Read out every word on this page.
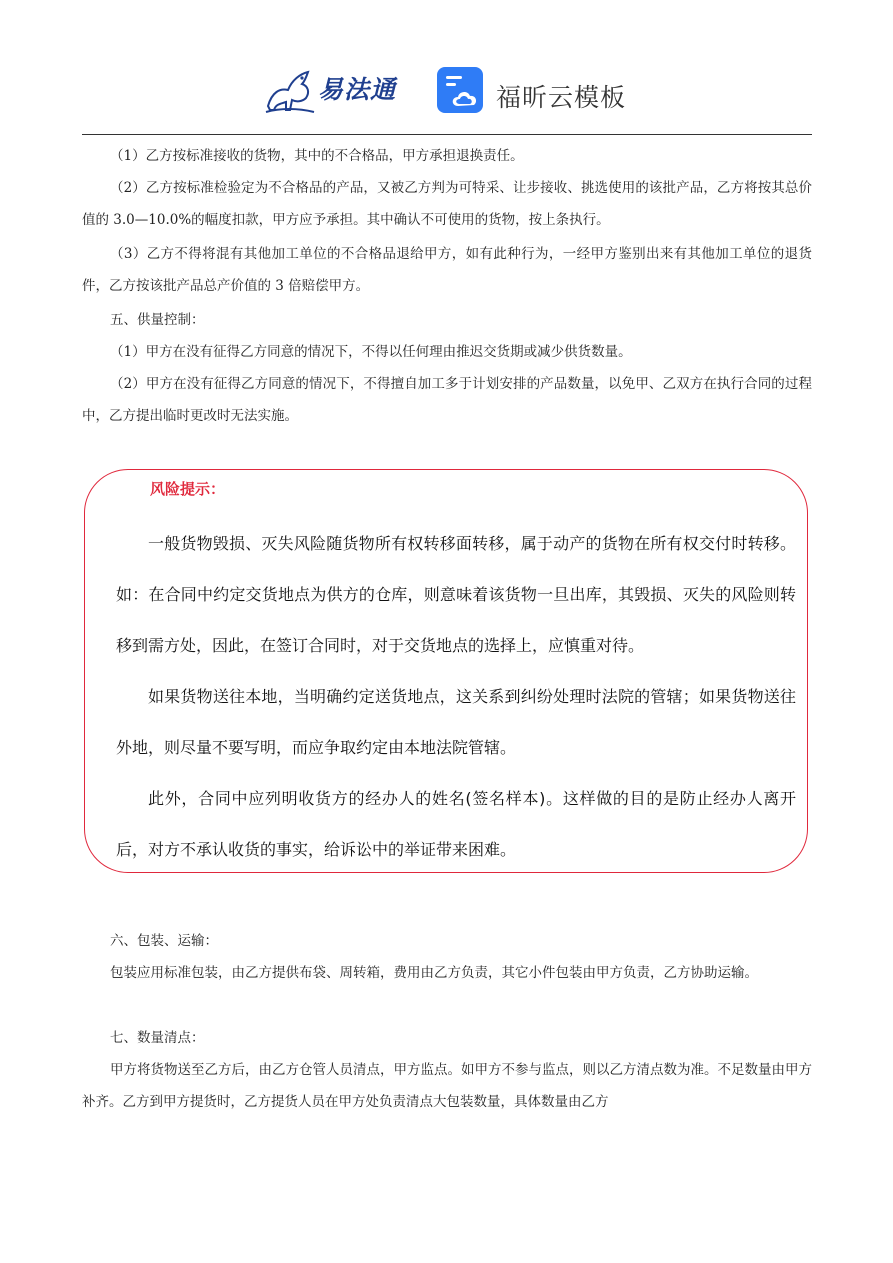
易法通	福昕云模板

（1）乙方按标准接收的货物，其中的不合格品，甲方承担退换责任。

（2）乙方按标准检验定为不合格品的产品，又被乙方判为可特采、让步接收、挑选使用的该批产品，乙方将按其总价值的 3.0—10.0%的幅度扣款，甲方应予承担。其中确认不可使用的货物，按上条执行。

（3）乙方不得将混有其他加工单位的不合格品退给甲方，如有此种行为，一经甲方鉴别出来有其他加工单位的退货件，乙方按该批产品总产价值的 3 倍赔偿甲方。

五、供量控制：

（1）甲方在没有征得乙方同意的情况下，不得以任何理由推迟交货期或减少供货数量。

（2）甲方在没有征得乙方同意的情况下，不得擅自加工多于计划安排的产品数量，以免甲、乙双方在执行合同的过程中，乙方提出临时更改时无法实施。

风险提示：

一般货物毁损、灭失风险随货物所有权转移面转移，属于动产的货物在所有权交付时转移。如：在合同中约定交货地点为供方的仓库，则意味着该货物一旦出库，其毁损、灭失的风险则转移到需方处，因此，在签订合同时，对于交货地点的选择上，应慎重对待。

如果货物送往本地，当明确约定送货地点，这关系到纠纷处理时法院的管辖；如果货物送往外地，则尽量不要写明，而应争取约定由本地法院管辖。

此外，合同中应列明收货方的经办人的姓名(签名样本)。这样做的目的是防止经办人离开后，对方不承认收货的事实，给诉讼中的举证带来困难。

六、包装、运输：

包装应用标准包装，由乙方提供布袋、周转箱，费用由乙方负责，其它小件包装由甲方负责，乙方协助运输。

七、数量清点：

甲方将货物送至乙方后，由乙方仓管人员清点，甲方监点。如甲方不参与监点，则以乙方清点数为准。不足数量由甲方补齐。乙方到甲方提货时，乙方提货人员在甲方处负责清点大包装数量，具体数量由乙方
